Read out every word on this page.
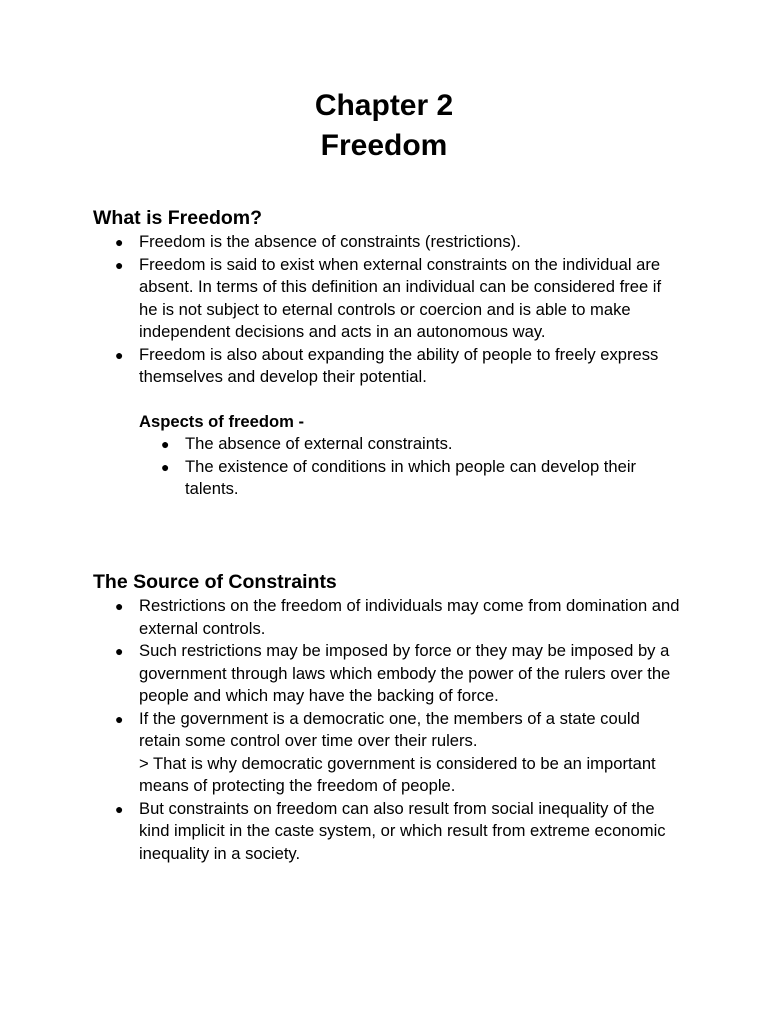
Chapter 2

Freedom

What is Freedom?

● Freedom is the absence of constraints (restrictions).
● Freedom is said to exist when external constraints on the individual are absent. In terms of this definition an individual can be considered free if he is not subject to eternal controls or coercion and is able to make independent decisions and acts in an autonomous way.
● Freedom is also about expanding the ability of people to freely express themselves and develop their potential.

Aspects of freedom -

● The absence of external constraints.
● The existence of conditions in which people can develop their talents.

The Source of Constraints

● Restrictions on the freedom of individuals may come from domination and external controls.
● Such restrictions may be imposed by force or they may be imposed by a government through laws which embody the power of the rulers over the people and which may have the backing of force.
● If the government is a democratic one, the members of a state could retain some control over time over their rulers.
> That is why democratic government is considered to be an important means of protecting the freedom of people.
● But constraints on freedom can also result from social inequality of the kind implicit in the caste system, or which result from extreme economic inequality in a society.
